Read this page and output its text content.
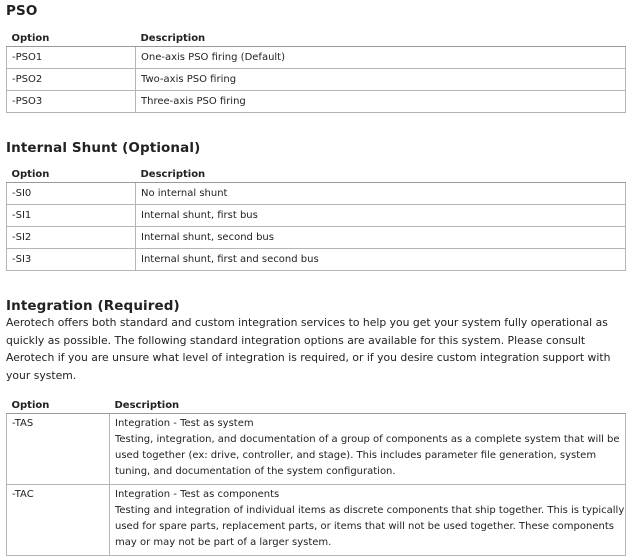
PSO
Option	Description
-PSO1	One-axis PSO firing (Default)
-PSO2	Two-axis PSO firing
-PSO3	Three-axis PSO firing
Internal Shunt (Optional)
Option	Description
-SI0	No internal shunt
-SI1	Internal shunt, first bus
-SI2	Internal shunt, second bus
-SI3	Internal shunt, first and second bus
Integration (Required)

Aerotech offers both standard and custom integration services to help you get your system fully operational as quickly as possible. The following standard integration options are available for this system. Please consult Aerotech if you are unsure what level of integration is required, or if you desire custom integration support with your system.

Option	Description
-TAS	Integration - Test as system
Testing, integration, and documentation of a group of components as a complete system that will be used together (ex: drive, controller, and stage). This includes parameter file generation, system tuning, and documentation of the system configuration.
-TAC	Integration - Test as components
Testing and integration of individual items as discrete components that ship together. This is typically used for spare parts, replacement parts, or items that will not be used together. These components may or may not be part of a larger system.
